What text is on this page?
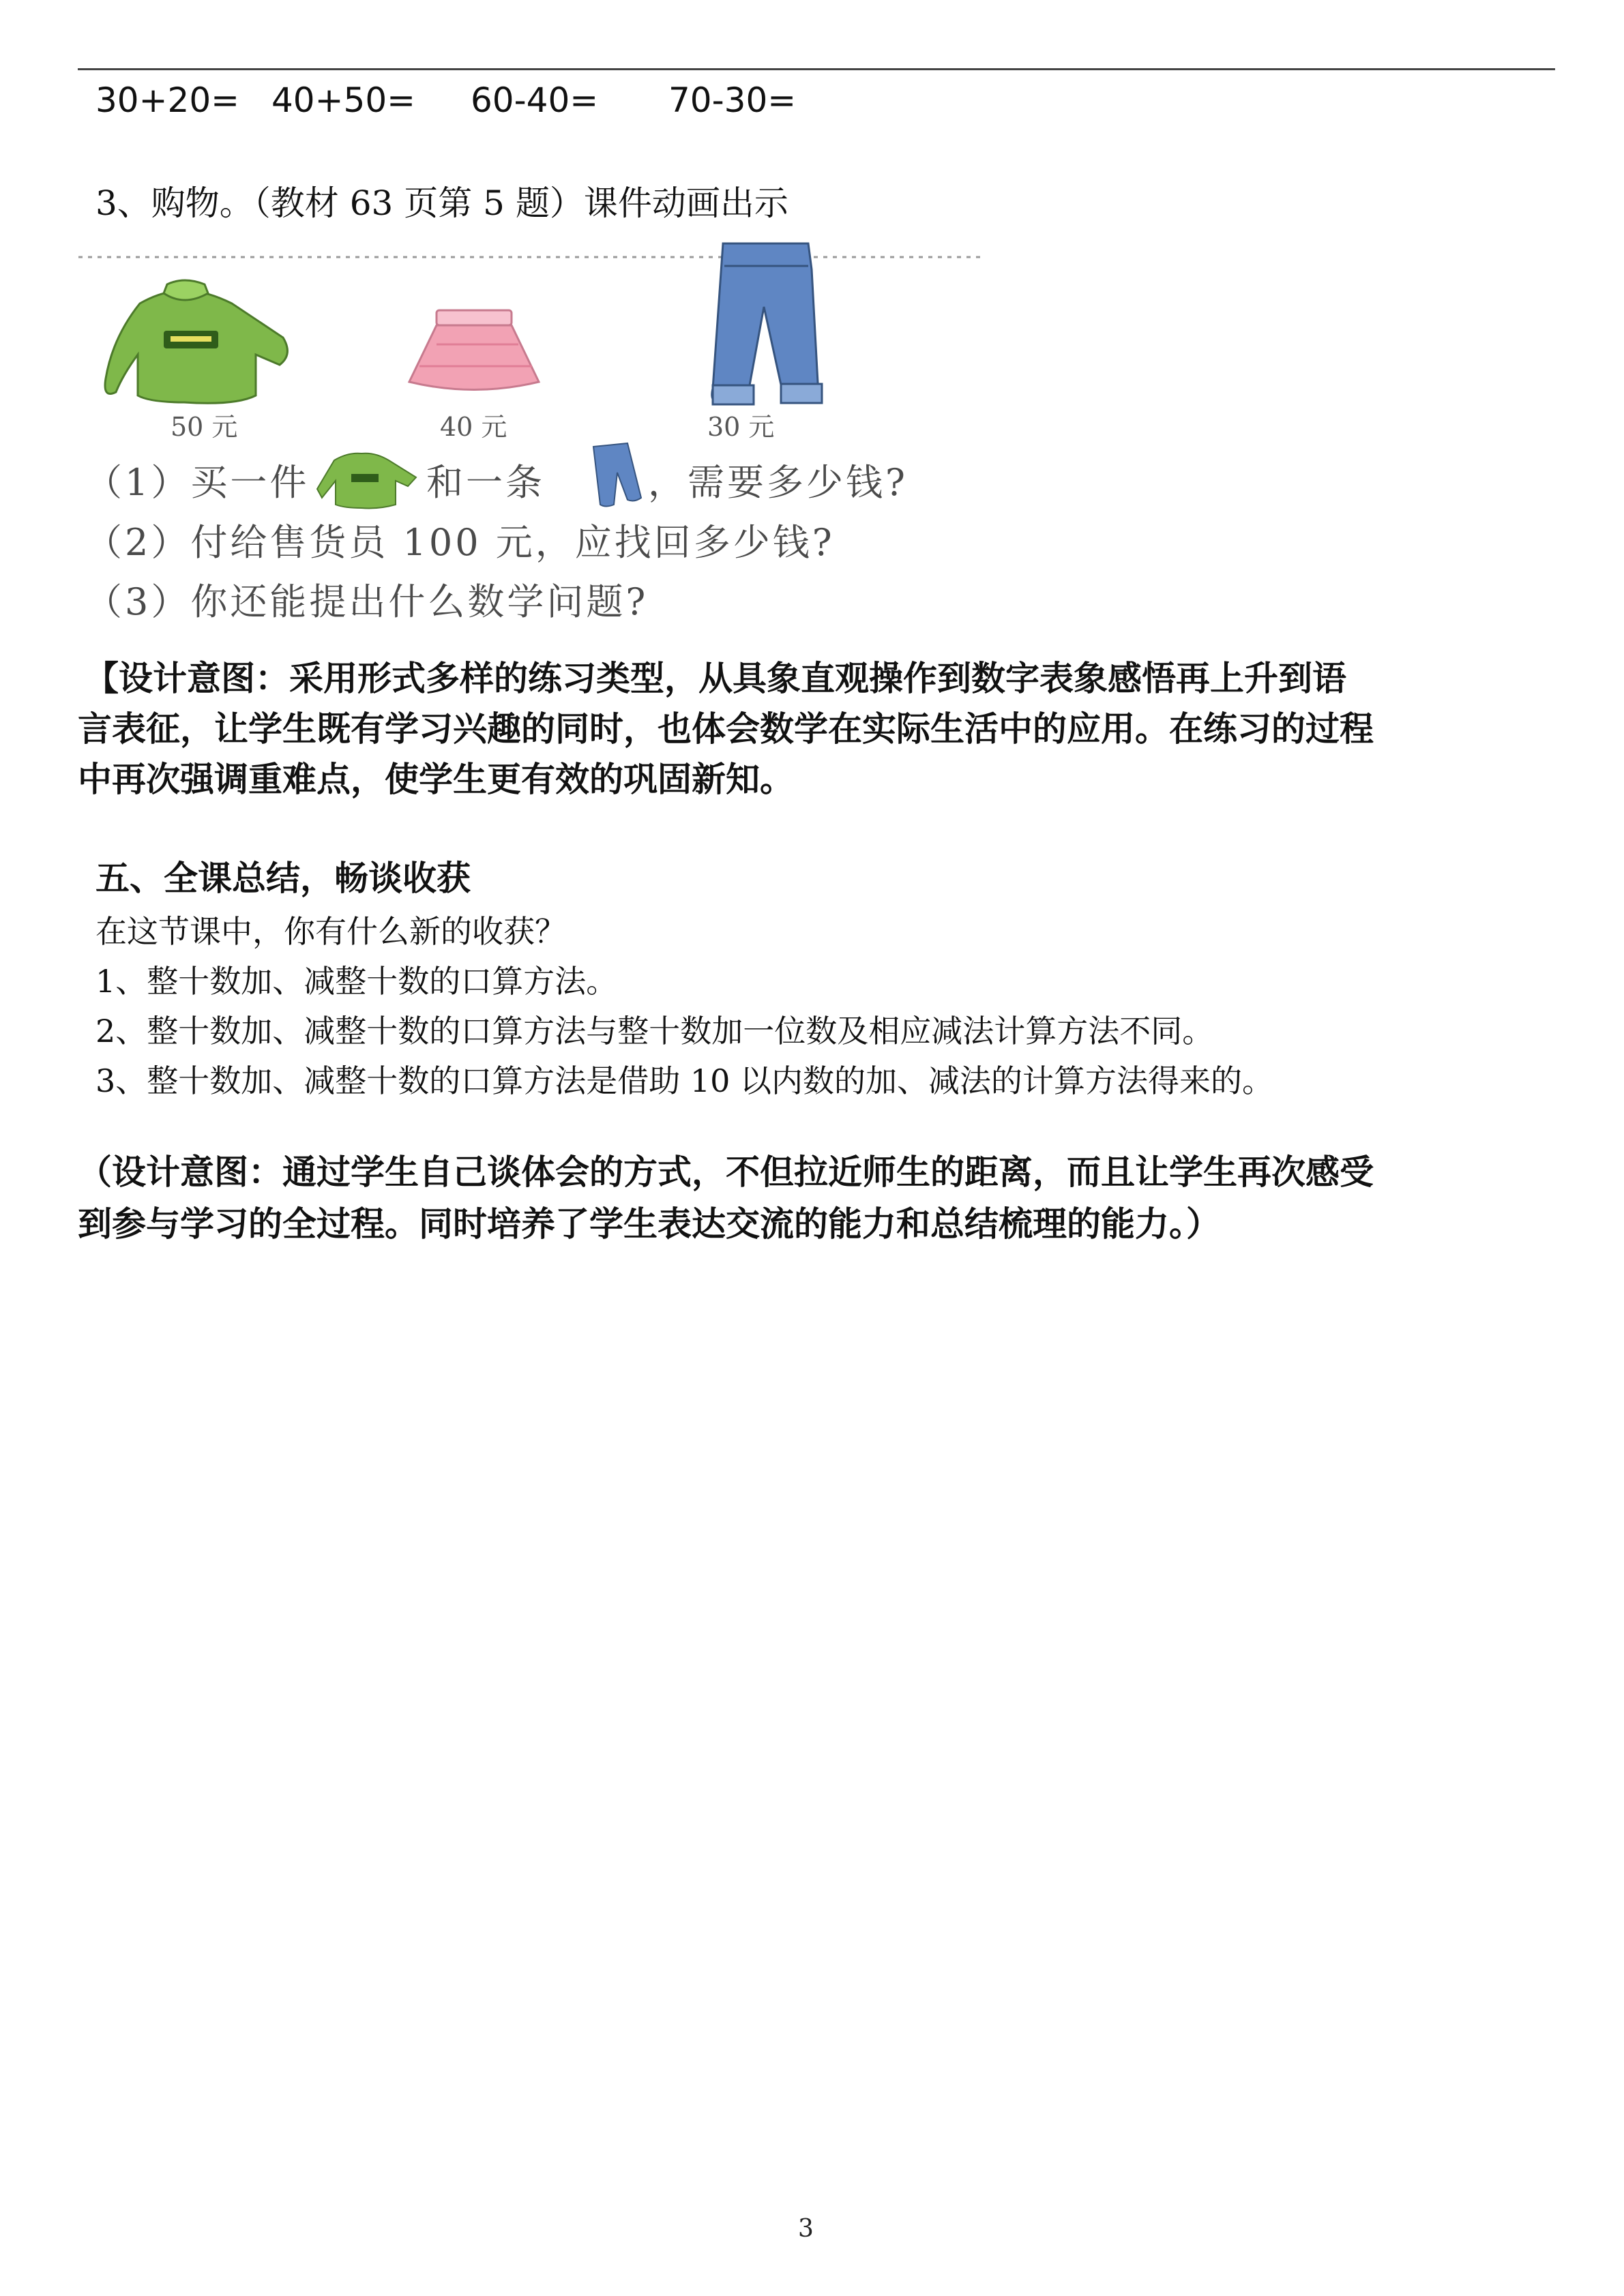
30+20= 40+50= 60-40= 70-30=
3、购物。（教材 63 页第 5 题）课件动画出示
50 元	40 元	30 元
（1）买一件	和一条	，需要多少钱?
（2）付给售货员 100 元，应找回多少钱?
（3）你还能提出什么数学问题?
【设计意图：采用形式多样的练习类型，从具象直观操作到数字表象感悟再上升到语
言表征，让学生既有学习兴趣的同时，也体会数学在实际生活中的应用。在练习的过程
中再次强调重难点，使学生更有效的巩固新知。
五、全课总结，畅谈收获
在这节课中，你有什么新的收获？
1、整十数加、减整十数的口算方法。
2、整十数加、减整十数的口算方法与整十数加一位数及相应减法计算方法不同。
3、整十数加、减整十数的口算方法是借助 10 以内数的加、减法的计算方法得来的。
（设计意图：通过学生自己谈体会的方式，不但拉近师生的距离，而且让学生再次感受
到参与学习的全过程。同时培养了学生表达交流的能力和总结梳理的能力。）
3
